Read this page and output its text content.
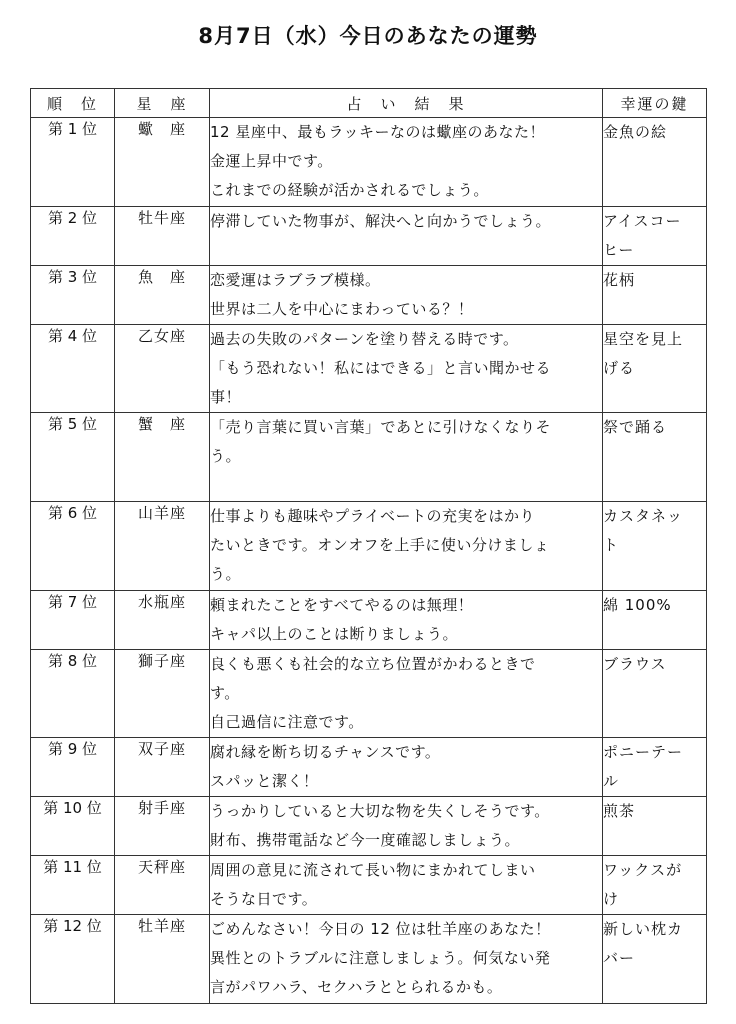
8月7日（水）今日のあなたの運勢
順　位	星　座	占　い　結　果	幸運の鍵
第 1 位	蠍　座	12 星座中、最もラッキーなのは蠍座のあなた！
金運上昇中です。
これまでの経験が活かされるでしょう。	金魚の絵

第 2 位	牡牛座	停滞していた物事が、解決へと向かうでしょう。	アイスコー
ヒー

第 3 位	魚　座	恋愛運はラブラブ模様。
世界は二人を中心にまわっている？！	花柄

第 4 位	乙女座	過去の失敗のパターンを塗り替える時です。
「もう恐れない！私にはできる」と言い聞かせる
事！	星空を見上
げる

第 5 位	蟹　座	「売り言葉に買い言葉」であとに引けなくなりそ
う。	祭で踊る

第 6 位	山羊座	仕事よりも趣味やプライベートの充実をはかり
たいときです。オンオフを上手に使い分けましょ
う。	カスタネッ
ト

第 7 位	水瓶座	頼まれたことをすべてやるのは無理！
キャパ以上のことは断りましょう。	綿 100%

第 8 位	獅子座	良くも悪くも社会的な立ち位置がかわるときで
す。
自己過信に注意です。	ブラウス

第 9 位	双子座	腐れ縁を断ち切るチャンスです。
スパッと潔く！	ポニーテー
ル

第 10 位	射手座	うっかりしていると大切な物を失くしそうです。
財布、携帯電話など今一度確認しましょう。	煎茶

第 11 位	天秤座	周囲の意見に流されて長い物にまかれてしまい
そうな日です。	ワックスが
け

第 12 位	牡羊座	ごめんなさい！今日の 12 位は牡羊座のあなた！
異性とのトラブルに注意しましょう。何気ない発
言がパワハラ、セクハラととられるかも。	新しい枕カ
バー
